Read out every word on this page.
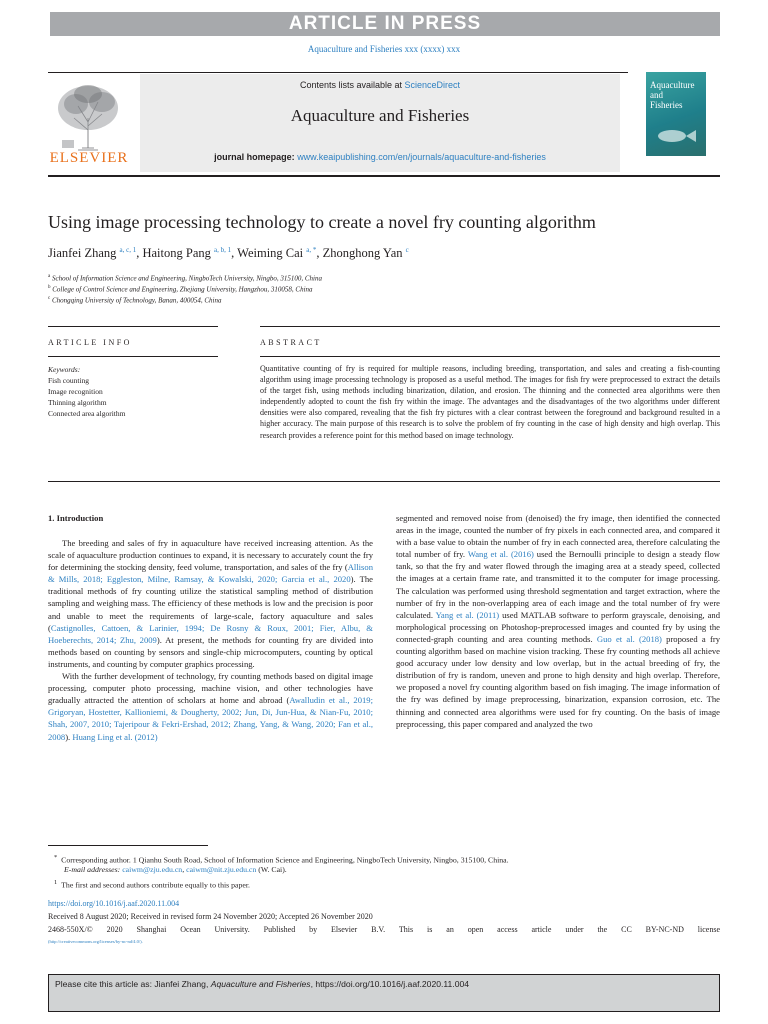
ARTICLE IN PRESS
Aquaculture and Fisheries xxx (xxxx) xxx
ELSEVIER
Contents lists available at ScienceDirect
Aquaculture and Fisheries
journal homepage: www.keaipublishing.com/en/journals/aquaculture-and-fisheries
Aquaculture
and
Fisheries
Using image processing technology to create a novel fry counting algorithm
Jianfei Zhang $^{a, c, 1}$, Haitong Pang $^{a, b, 1}$, Weiming Cai $^{a, *}$, Zhonghong Yan $^c$
$^a$ School of Information Science and Engineering, NingboTech University, Ningbo, 315100, China
$^b$ College of Control Science and Engineering, Zhejiang University, Hangzhou, 310058, China
$^c$ Chongqing University of Technology, Banan, 400054, China
ARTICLE INFO
Keywords:
Fish counting
Image recognition
Thinning algorithm
Connected area algorithm
ABSTRACT
Quantitative counting of fry is required for multiple reasons, including breeding, transportation, and sales and creating a fish-counting algorithm using image processing technology is proposed as a useful method. The images for fish fry were preprocessed to extract the details of the target fish, using methods including binarization, dilation, and erosion. The thinning and the connected area algorithms were then independently adopted to count the fish fry within the image. The advantages and the disadvantages of the two algorithms under different densities were also compared, revealing that the fish fry pictures with a clear contrast between the foreground and background resulted in a higher accuracy. The main purpose of this research is to solve the problem of fry counting in the case of high density and high overlap. This research provides a reference point for this method based on image technology.
1. Introduction
The breeding and sales of fry in aquaculture have received increasing attention. As the scale of aquaculture production continues to expand, it is necessary to accurately count the fry for determining the stocking density, feed volume, transportation, and sales of the fry (Allison & Mills, 2018; Eggleston, Milne, Ramsay, & Kowalski, 2020; Garcia et al., 2020). The traditional methods of fry counting utilize the statistical sampling method of distribution sampling and weighing mass. The efficiency of these methods is low and the precision is poor and unable to meet the requirements of large-scale, factory aquaculture and sales (Castignolles, Cattoen, & Larinier, 1994; De Rosny & Roux, 2001; Fier, Albu, & Hoeberechts, 2014; Zhu, 2009). At present, the methods for counting fry are divided into methods based on counting by sensors and single-chip microcomputers, counting by optical instruments, and counting by computer graphics processing.
With the further development of technology, fry counting methods based on digital image processing, computer photo processing, machine vision, and other technologies have gradually attracted the attention of scholars at home and abroad (Awalludin et al., 2019; Grigoryan, Hostetter, Kallioniemi, & Dougherty, 2002; Jun, Di, Jun-Hua, & Nian-Fu, 2010; Shah, 2007, 2010; Tajeripour & Fekri-Ershad, 2012; Zhang, Yang, & Wang, 2020; Fan et al., 2008). Huang Ling et al. (2012)
segmented and removed noise from (denoised) the fry image, then identified the connected areas in the image, counted the number of fry pixels in each connected area, and compared it with a base value to obtain the number of fry in each connected area, therefore calculating the total number of fry. Wang et al. (2016) used the Bernoulli principle to design a steady flow tank, so that the fry and water flowed through the imaging area at a steady speed, collected the images at a certain frame rate, and transmitted it to the computer for image processing. The calculation was performed using threshold segmentation and target extraction, where the number of fry in the non-overlapping area of each image and the total number of fry were calculated. Yang et al. (2011) used MATLAB software to perform grayscale, denoising, and morphological processing on Photoshop-preprocessed images and counted fry by using the connected-graph counting and area counting methods. Guo et al. (2018) proposed a fry counting algorithm based on machine vision tracking. These fry counting methods all achieve good accuracy under low density and low overlap, but in the actual breeding of fry, the distribution of fry is random, uneven and prone to high density and high overlap. Therefore, we proposed a novel fry counting algorithm based on fish imaging. The image information of the fry was defined by image preprocessing, binarization, expansion corrosion, etc. The thinning and connected area algorithms were used for fry counting. On the basis of image preprocessing, this paper compared and analyzed the two
* Corresponding author. 1 Qianhu South Road, School of Information Science and Engineering, NingboTech University, Ningbo, 315100, China.
E-mail addresses: caiwm@zju.edu.cn, caiwm@nit.zju.edu.cn (W. Cai).
$^1$ The first and second authors contribute equally to this paper.
https://doi.org/10.1016/j.aaf.2020.11.004
Received 8 August 2020; Received in revised form 24 November 2020; Accepted 26 November 2020
2468-550X/© 2020 Shanghai Ocean University. Published by Elsevier B.V. This is an open access article under the CC BY-NC-ND license
(http://creativecommons.org/licenses/by-nc-nd/4.0/).
Please cite this article as: Jianfei Zhang, Aquaculture and Fisheries, https://doi.org/10.1016/j.aaf.2020.11.004
